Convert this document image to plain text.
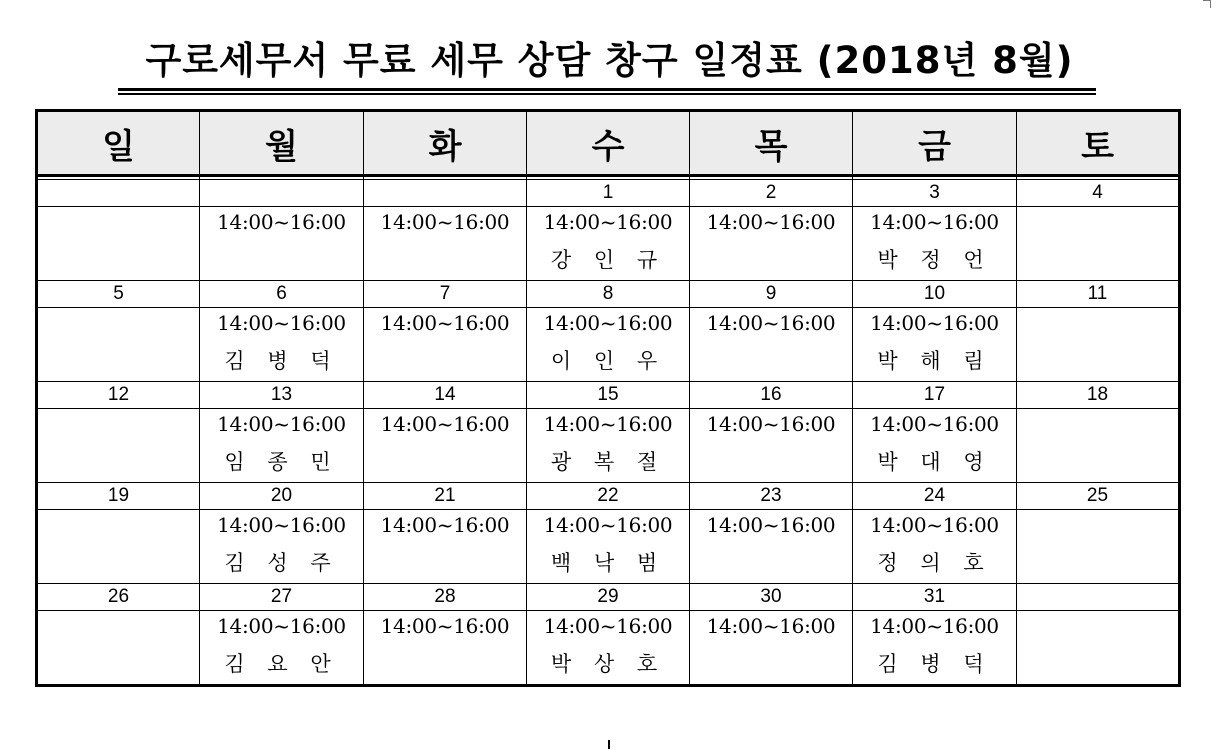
구로세무서 무료 세무 상담 창구 일정표 (2018년 8월)
일	월	화	수	목	금	토

			1	2	3	4
	14:00~16:00	14:00~16:00	14:00~16:00	14:00~16:00	14:00~16:00	
			강 인 규		박 정 언	
5	6	7	8	9	10	11
	14:00~16:00	14:00~16:00	14:00~16:00	14:00~16:00	14:00~16:00	
	김 병 덕		이 인 우		박 해 림	
12	13	14	15	16	17	18
	14:00~16:00	14:00~16:00	14:00~16:00	14:00~16:00	14:00~16:00	
	임 종 민		광 복 절		박 대 영	
19	20	21	22	23	24	25
	14:00~16:00	14:00~16:00	14:00~16:00	14:00~16:00	14:00~16:00	
	김 성 주		백 낙 범		정 의 호	
26	27	28	29	30	31	
	14:00~16:00	14:00~16:00	14:00~16:00	14:00~16:00	14:00~16:00	
	김 요 안		박 상 호		김 병 덕	
